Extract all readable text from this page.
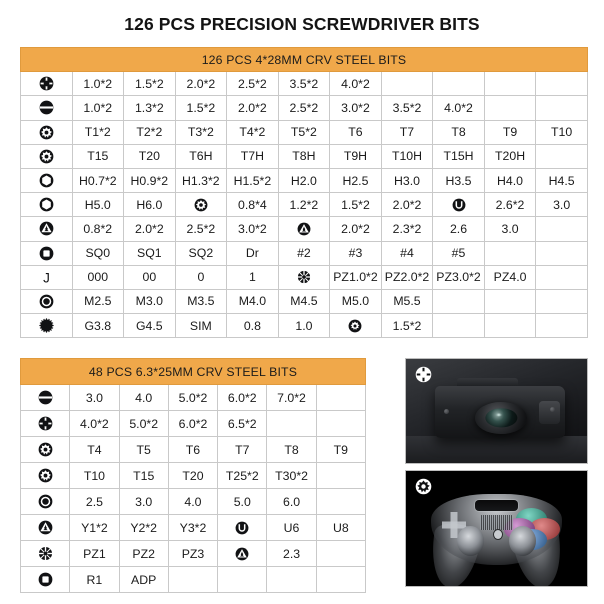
126 PCS PRECISION SCREWDRIVER BITS
126 PCS 4*28MM CRV STEEL BITS										

	1.0*2	1.5*2	2.0*2	2.5*2	3.5*2	4.0*2				

	1.0*2	1.3*2	1.5*2	2.0*2	2.5*2	3.0*2	3.5*2	4.0*2		

	T1*2	T2*2	T3*2	T4*2	T5*2	T6	T7	T8	T9	T10

	T15	T20	T6H	T7H	T8H	T9H	T10H	T15H	T20H	

	H0.7*2	H0.9*2	H1.3*2	H1.5*2	H2.0	H2.5	H3.0	H3.5	H4.0	H4.5

	H5.0	H6.0		0.8*4	1.2*2	1.5*2	2.0*2		2.6*2	3.0

	0.8*2	2.0*2	2.5*2	3.0*2		2.0*2	2.3*2	2.6	3.0	

	SQ0	SQ1	SQ2	Dr	#2	#3	#4	#5		

J	000	00	0	1		PZ1.0*2	PZ2.0*2	PZ3.0*2	PZ4.0	

	M2.5	M3.0	M3.5	M4.0	M4.5	M5.0	M5.5			

	G3.8	G4.5	SIM	0.8	1.0		1.5*2			
48 PCS 6.3*25MM CRV STEEL BITS						

	3.0	4.0	5.0*2	6.0*2	7.0*2	

	4.0*2	5.0*2	6.0*2	6.5*2		

	T4	T5	T6	T7	T8	T9

	T10	T15	T20	T25*2	T30*2	

	2.5	3.0	4.0	5.0	6.0	

	Y1*2	Y2*2	Y3*2		U6	U8

	PZ1	PZ2	PZ3		2.3	

	R1	ADP				
